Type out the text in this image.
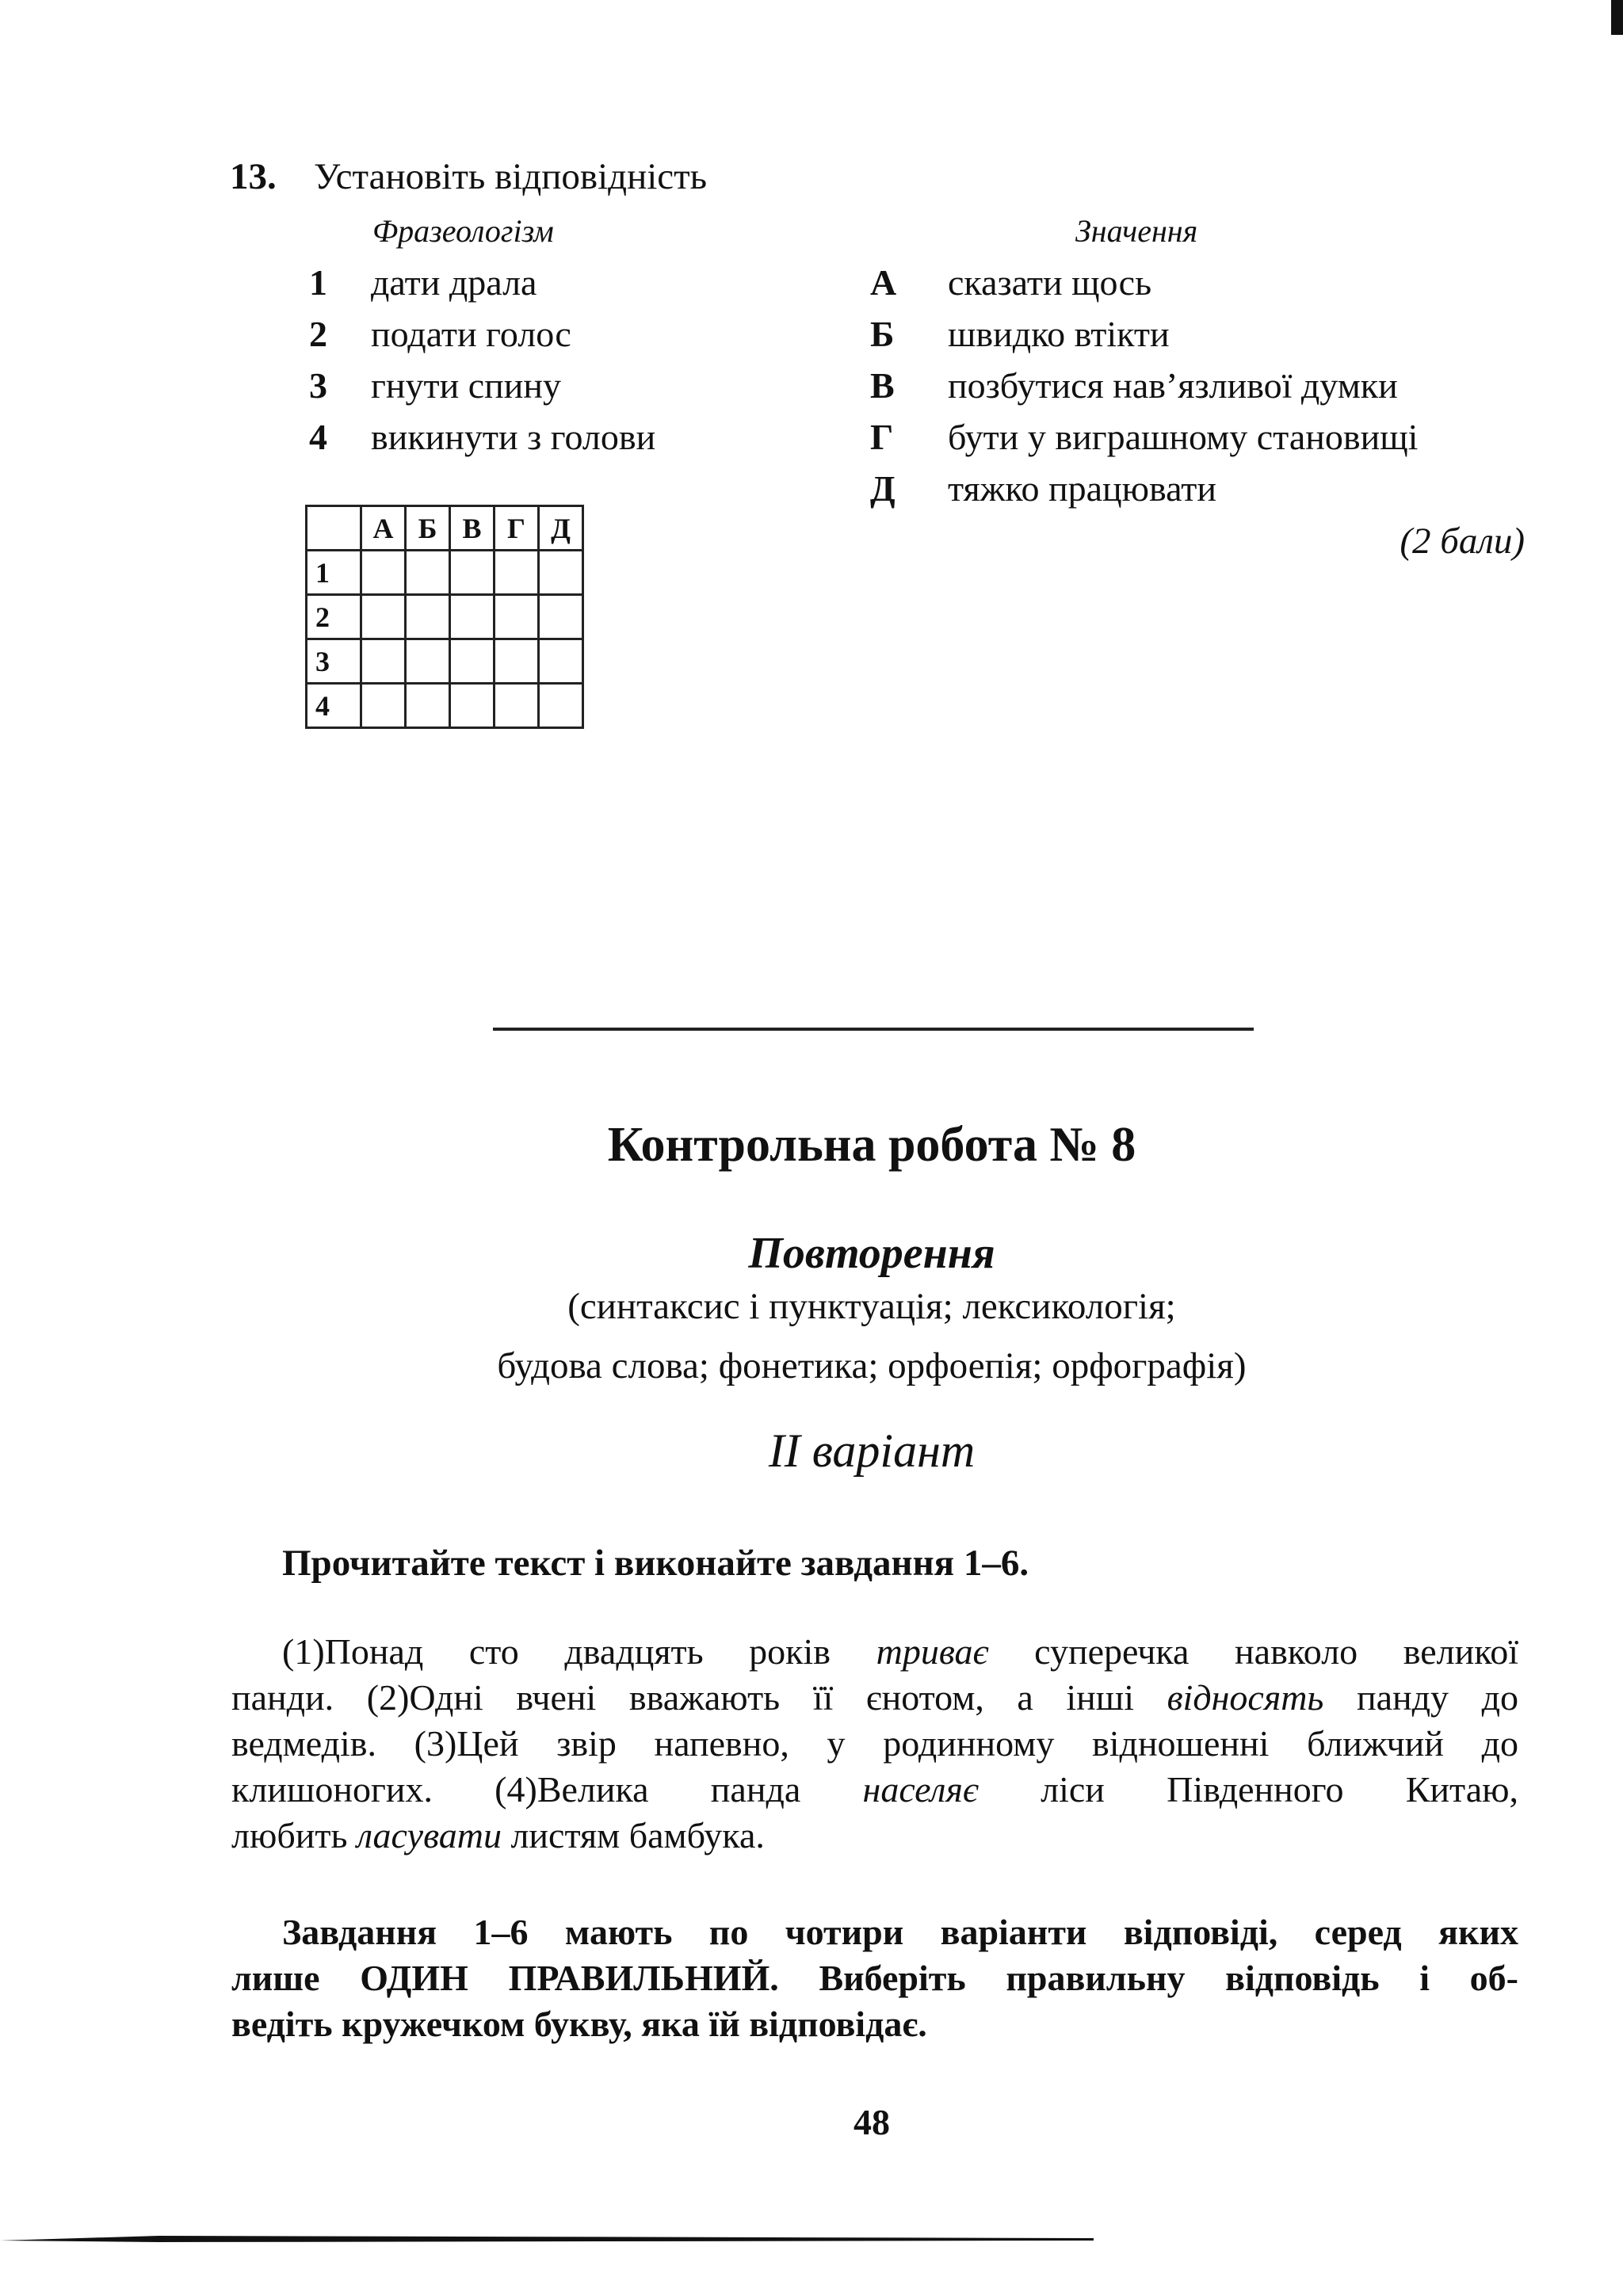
13. Установіть відповідність
Фразеологізм	Значення
1 дати драла
2 подати голос
3 гнути спину
4 викинути з голови
А сказати щось
Б швидко втікти
В позбутися нав’язливої думки
Г бути у виграшному становищі
Д тяжко працювати
(2 бали)
	А	Б	В	Г	Д
1					
2					
3					
4					
Контрольна робота № 8
Повторення
(синтаксис і пунктуація; лексикологія;
будова слова; фонетика; орфоепія; орфографія)
II варіант
Прочитайте текст і виконайте завдання 1–6.
(1)Понад сто двадцять років триває суперечка навколо великої
панди. (2)Одні вчені вважають її єнотом, а інші відносять панду до
ведмедів. (3)Цей звір напевно, у родинному відношенні ближчий до
клишоногих. (4)Велика панда населяє ліси Південного Китаю,
любить ласувати листям бамбука.
Завдання 1–6 мають по чотири варіанти відповіді, серед яких
лише ОДИН ПРАВИЛЬНИЙ. Виберіть правильну відповідь і об-
ведіть кружечком букву, яка їй відповідає.
48
